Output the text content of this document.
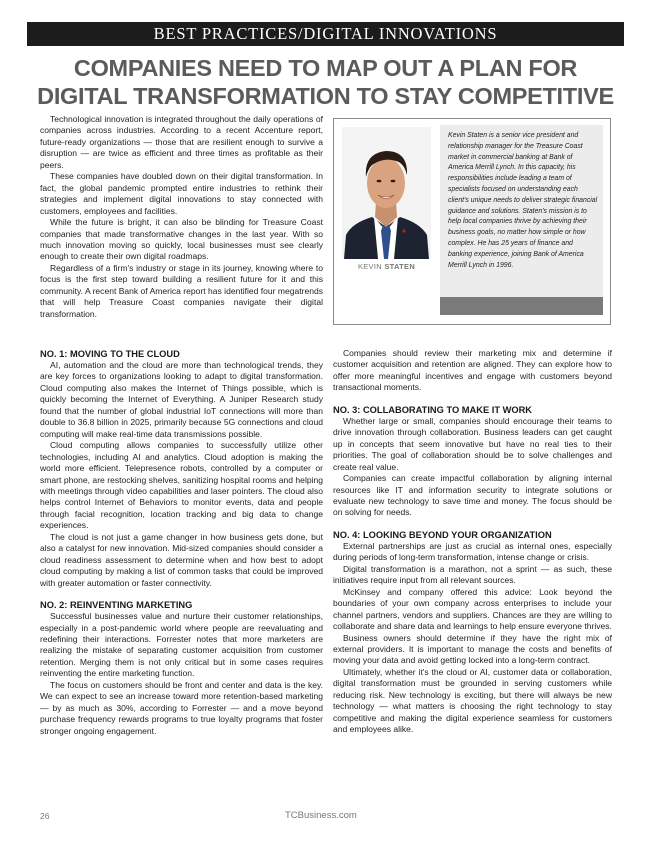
BEST PRACTICES/DIGITAL INNOVATIONS
COMPANIES NEED TO MAP OUT A PLAN FOR
DIGITAL TRANSFORMATION TO STAY COMPETITIVE

Technological innovation is integrated throughout the daily operations of companies across industries. According to a recent Accenture report, future-ready organizations — those that are resilient enough to survive a disruption — are twice as efficient and three times as profitable as their peers.

These companies have doubled down on their digital transformation. In fact, the global pandemic prompted entire industries to rethink their strategies and implement digital innovations to stay connected with customers, employees and facilities.

While the future is bright, it can also be blinding for Treasure Coast companies that made transformative changes in the last year. With so much innovation moving so quickly, local businesses must see clearly enough to create their own digital roadmaps.

Regardless of a firm's industry or stage in its journey, knowing where to focus is the first step toward building a resilient future for it and this community. A recent Bank of America report has identified four megatrends that will help Treasure Coast companies navigate their digital transformation.

KEVIN STATEN
Kevin Staten is a senior vice president and relationship manager for the Treasure Coast market in commercial banking at Bank of America Merrill Lynch. In this capacity, his responsibilities include leading a team of specialists focused on understanding each client's unique needs to deliver strategic financial guidance and solutions. Staten's mission is to help local companies thrive by achieving their business goals, no matter how simple or how complex. He has 25 years of finance and banking experience, joining Bank of America Merrill Lynch in 1996.
NO. 1: MOVING TO THE CLOUD

AI, automation and the cloud are more than technological trends, they are key forces to organizations looking to adapt to digital transformation. Cloud computing also makes the Internet of Things possible, which is quickly becoming the Internet of Everything. A Juniper Research study found that the number of global industrial IoT connections will more than double to 36.8 billion in 2025, primarily because 5G connections and cloud computing will make real-time data transmissions possible.

Cloud computing allows companies to successfully utilize other technologies, including AI and analytics. Cloud adoption is making the world more efficient. Telepresence robots, controlled by a computer or smart phone, are restocking shelves, sanitizing hospital rooms and helping with meetings through video capabilities and laser pointers. The cloud also helps control Internet of Behaviors to monitor events, data and people through facial recognition, location tracking and big data to change experiences.

The cloud is not just a game changer in how business gets done, but also a catalyst for new innovation. Mid-sized companies should consider a cloud readiness assessment to determine when and how best to adopt cloud computing by making a list of common tasks that could be improved with greater automation or faster connectivity.

NO. 2: REINVENTING MARKETING

Successful businesses value and nurture their customer relationships, especially in a post-pandemic world where people are reevaluating and redefining their interactions. Forrester notes that more marketers are realizing the mistake of separating customer acquisition from customer retention. Merging them is not only critical but in some cases requires reinventing the entire marketing function.

The focus on customers should be front and center and data is the key. We can expect to see an increase toward more retention-based marketing — by as much as 30%, according to Forrester — and a move beyond purchase frequency rewards programs to true loyalty programs that foster stronger ongoing engagement.

Companies should review their marketing mix and determine if customer acquisition and retention are aligned. They can explore how to offer more meaningful incentives and engage with customers beyond transactional moments.

NO. 3: COLLABORATING TO MAKE IT WORK

Whether large or small, companies should encourage their teams to drive innovation through collaboration. Business leaders can get caught up in concepts that seem innovative but have no real ties to their priorities. The goal of collaboration should be to solve challenges and create real value.

Companies can create impactful collaboration by aligning internal resources like IT and information security to integrate solutions or evaluate new technology to save time and money. The focus should be on solving for needs.

NO. 4: LOOKING BEYOND YOUR ORGANIZATION

External partnerships are just as crucial as internal ones, especially during periods of long-term transformation, intense change or crisis.

Digital transformation is a marathon, not a sprint — as such, these initiatives require input from all relevant sources.

McKinsey and company offered this advice: Look beyond the boundaries of your own company across enterprises to include your channel partners, vendors and suppliers. Chances are they are willing to collaborate and share data and learnings to help ensure everyone thrives.

Business owners should determine if they have the right mix of external providers. It is important to manage the costs and benefits of moving your data and avoid getting locked into a long-term contract.

Ultimately, whether it's the cloud or AI, customer data or collaboration, digital transformation must be grounded in serving customers while reducing risk. New technology is exciting, but there will always be new technology — what matters is choosing the right technology to stay competitive and making the digital experience seamless for customers and employees alike.

26	TCBusiness.com
